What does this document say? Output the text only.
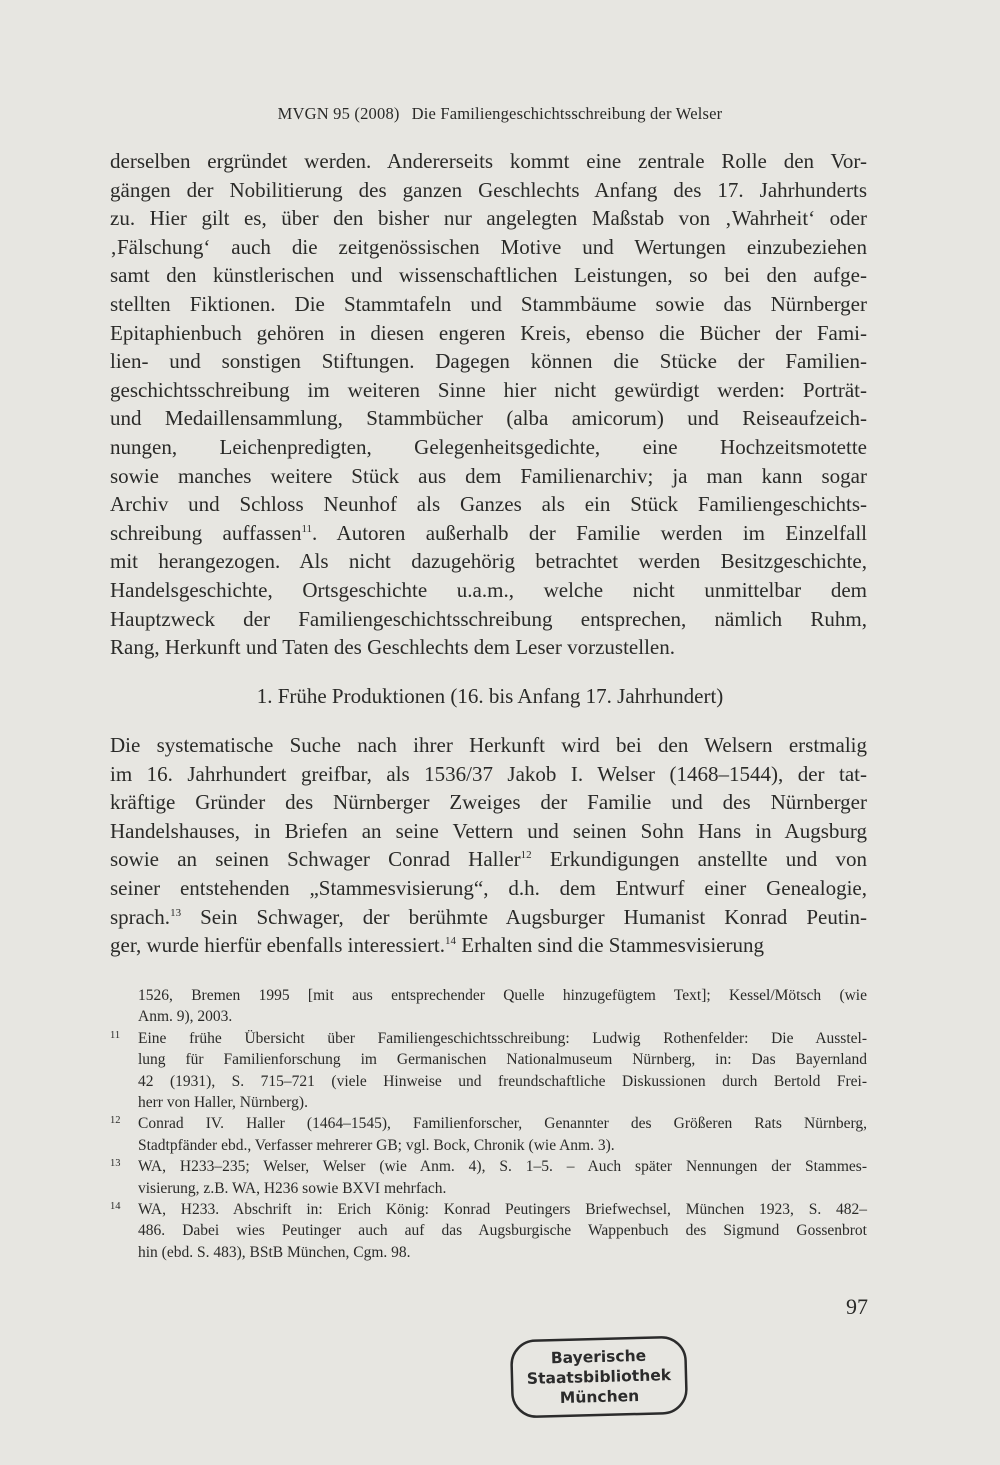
MVGN 95 (2008) Die Familiengeschichtsschreibung der Welser
derselben ergründet werden. Andererseits kommt eine zentrale Rolle den Vor-
gängen der Nobilitierung des ganzen Geschlechts Anfang des 17. Jahrhunderts
zu. Hier gilt es, über den bisher nur angelegten Maßstab von ‚Wahrheit‘ oder
‚Fälschung‘ auch die zeitgenössischen Motive und Wertungen einzubeziehen
samt den künstlerischen und wissenschaftlichen Leistungen, so bei den aufge-
stellten Fiktionen. Die Stammtafeln und Stammbäume sowie das Nürnberger
Epitaphienbuch gehören in diesen engeren Kreis, ebenso die Bücher der Fami-
lien- und sonstigen Stiftungen. Dagegen können die Stücke der Familien-
geschichtsschreibung im weiteren Sinne hier nicht gewürdigt werden: Porträt-
und Medaillensammlung, Stammbücher (alba amicorum) und Reiseaufzeich-
nungen, Leichenpredigten, Gelegenheitsgedichte, eine Hochzeitsmotette
sowie manches weitere Stück aus dem Familienarchiv; ja man kann sogar
Archiv und Schloss Neunhof als Ganzes als ein Stück Familiengeschichts-
schreibung auffassen$^{11}$. Autoren außerhalb der Familie werden im Einzelfall
mit herangezogen. Als nicht dazugehörig betrachtet werden Besitzgeschichte,
Handelsgeschichte, Ortsgeschichte u.a.m., welche nicht unmittelbar dem
Hauptzweck der Familiengeschichtsschreibung entsprechen, nämlich Ruhm,
Rang, Herkunft und Taten des Geschlechts dem Leser vorzustellen.
1. Frühe Produktionen (16. bis Anfang 17. Jahrhundert)
Die systematische Suche nach ihrer Herkunft wird bei den Welsern erstmalig
im 16. Jahrhundert greifbar, als 1536/37 Jakob I. Welser (1468–1544), der tat-
kräftige Gründer des Nürnberger Zweiges der Familie und des Nürnberger
Handelshauses, in Briefen an seine Vettern und seinen Sohn Hans in Augsburg
sowie an seinen Schwager Conrad Haller$^{12}$ Erkundigungen anstellte und von
seiner entstehenden „Stammesvisierung“, d.h. dem Entwurf einer Genealogie,
sprach.$^{13}$ Sein Schwager, der berühmte Augsburger Humanist Konrad Peutin-
ger, wurde hierfür ebenfalls interessiert.$^{14}$ Erhalten sind die Stammesvisierung
1526, Bremen 1995 [mit aus entsprechender Quelle hinzugefügtem Text]; Kessel/Mötsch (wie
Anm. 9), 2003.
11 Eine frühe Übersicht über Familiengeschichtsschreibung: Ludwig Rothenfelder: Die Ausstel-
lung für Familienforschung im Germanischen Nationalmuseum Nürnberg, in: Das Bayernland
42 (1931), S. 715–721 (viele Hinweise und freundschaftliche Diskussionen durch Bertold Frei-
herr von Haller, Nürnberg).
12 Conrad IV. Haller (1464–1545), Familienforscher, Genannter des Größeren Rats Nürnberg,
Stadtpfänder ebd., Verfasser mehrerer GB; vgl. Bock, Chronik (wie Anm. 3).
13 WA, H233–235; Welser, Welser (wie Anm. 4), S. 1–5. – Auch später Nennungen der Stammes-
visierung, z.B. WA, H236 sowie BXVI mehrfach.
14 WA, H233. Abschrift in: Erich König: Konrad Peutingers Briefwechsel, München 1923, S. 482–
486. Dabei wies Peutinger auch auf das Augsburgische Wappenbuch des Sigmund Gossenbrot
hin (ebd. S. 483), BStB München, Cgm. 98.
97
Bayerische
Staatsbibliothek
München
